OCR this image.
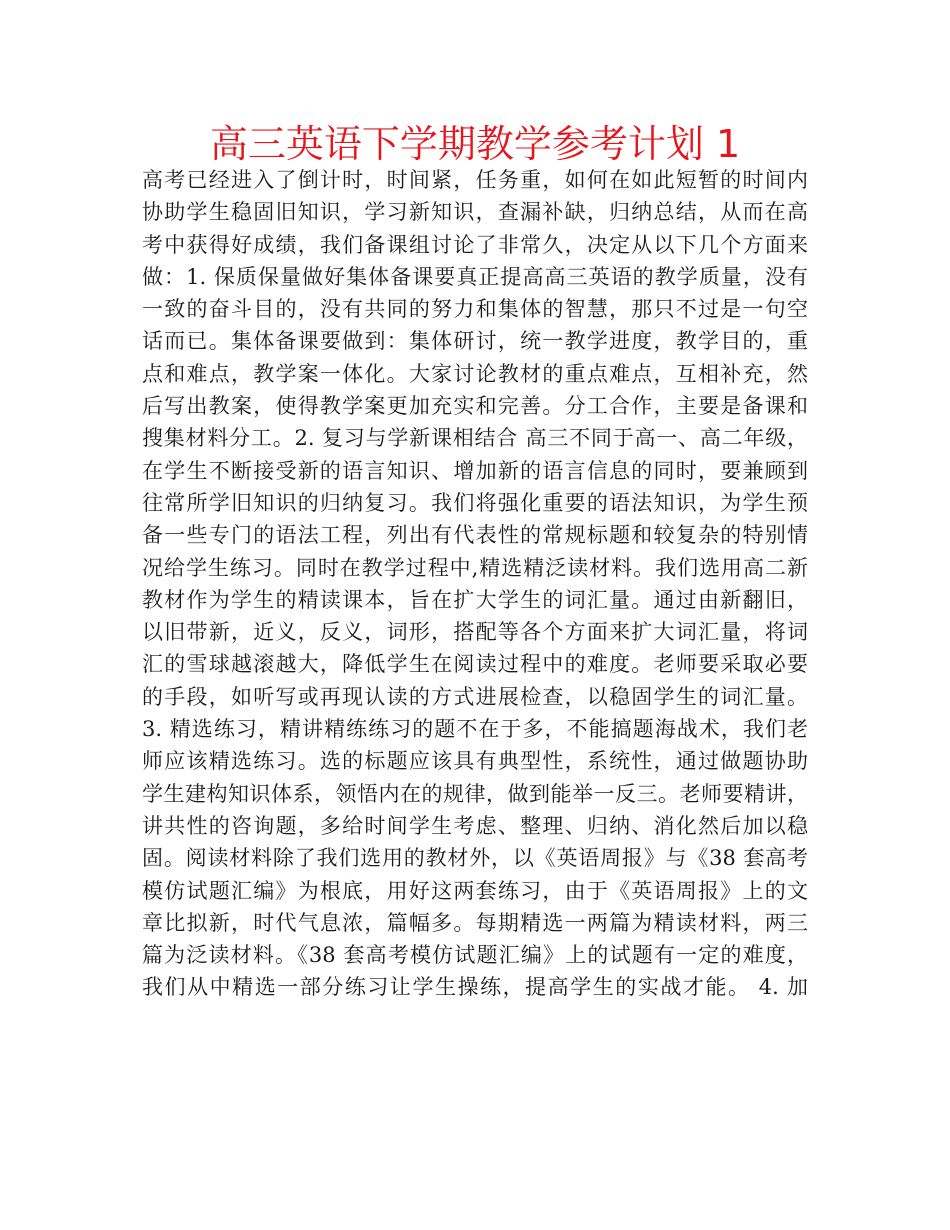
高三英语下学期教学参考计划 1
高考已经进入了倒计时，时间紧，任务重，如何在如此短暂的时间内
协助学生稳固旧知识，学习新知识，查漏补缺，归纳总结，从而在高
考中获得好成绩，我们备课组讨论了非常久，决定从以下几个方面来
做：1. 保质保量做好集体备课要真正提高高三英语的教学质量，没有
一致的奋斗目的，没有共同的努力和集体的智慧，那只不过是一句空
话而已。集体备课要做到：集体研讨，统一教学进度，教学目的，重
点和难点，教学案一体化。大家讨论教材的重点难点，互相补充，然
后写出教案，使得教学案更加充实和完善。分工合作，主要是备课和
搜集材料分工。2. 复习与学新课相结合 高三不同于高一、高二年级，
在学生不断接受新的语言知识、增加新的语言信息的同时，要兼顾到
往常所学旧知识的归纳复习。我们将强化重要的语法知识，为学生预
备一些专门的语法工程，列出有代表性的常规标题和较复杂的特别情
况给学生练习。同时在教学过程中,精选精泛读材料。我们选用高二新
教材作为学生的精读课本，旨在扩大学生的词汇量。通过由新翻旧，
以旧带新，近义，反义，词形，搭配等各个方面来扩大词汇量，将词
汇的雪球越滚越大，降低学生在阅读过程中的难度。老师要采取必要
的手段，如听写或再现认读的方式进展检查，以稳固学生的词汇量。
3. 精选练习，精讲精练练习的题不在于多，不能搞题海战术，我们老
师应该精选练习。选的标题应该具有典型性，系统性，通过做题协助
学生建构知识体系，领悟内在的规律，做到能举一反三。老师要精讲，
讲共性的咨询题，多给时间学生考虑、整理、归纳、消化然后加以稳
固。阅读材料除了我们选用的教材外，以《英语周报》与《38 套高考
模仿试题汇编》为根底，用好这两套练习，由于《英语周报》上的文
章比拟新，时代气息浓，篇幅多。每期精选一两篇为精读材料，两三
篇为泛读材料。《38 套高考模仿试题汇编》上的试题有一定的难度，
我们从中精选一部分练习让学生操练，提高学生的实战才能。 4. 加
